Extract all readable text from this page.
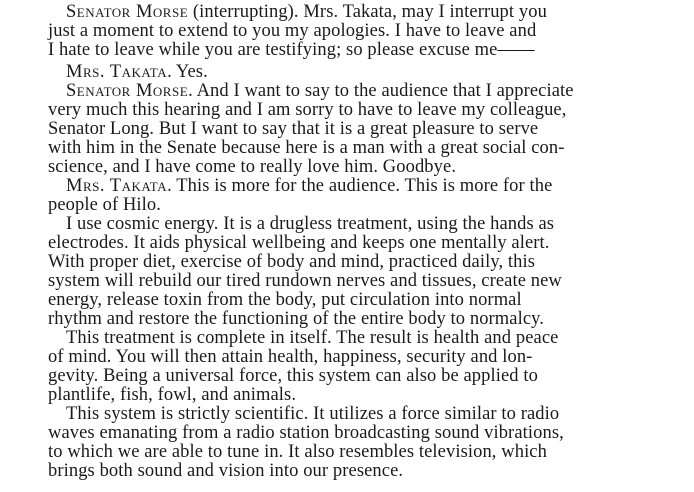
Senator Morse (interrupting). Mrs. Takata, may I interrupt you
just a moment to extend to you my apologies. I have to leave and
I hate to leave while you are testifying; so please excuse me——
Mrs. Takata. Yes.
Senator Morse. And I want to say to the audience that I appreciate
very much this hearing and I am sorry to have to leave my colleague,
Senator Long. But I want to say that it is a great pleasure to serve
with him in the Senate because here is a man with a great social con-
science, and I have come to really love him. Goodbye.
Mrs. Takata. This is more for the audience. This is more for the
people of Hilo.
I use cosmic energy. It is a drugless treatment, using the hands as
electrodes. It aids physical wellbeing and keeps one mentally alert.
With proper diet, exercise of body and mind, practiced daily, this
system will rebuild our tired rundown nerves and tissues, create new
energy, release toxin from the body, put circulation into normal
rhythm and restore the functioning of the entire body to normalcy.
This treatment is complete in itself. The result is health and peace
of mind. You will then attain health, happiness, security and lon-
gevity. Being a universal force, this system can also be applied to
plantlife, fish, fowl, and animals.
This system is strictly scientific. It utilizes a force similar to radio
waves emanating from a radio station broadcasting sound vibrations,
to which we are able to tune in. It also resembles television, which
brings both sound and vision into our presence.
